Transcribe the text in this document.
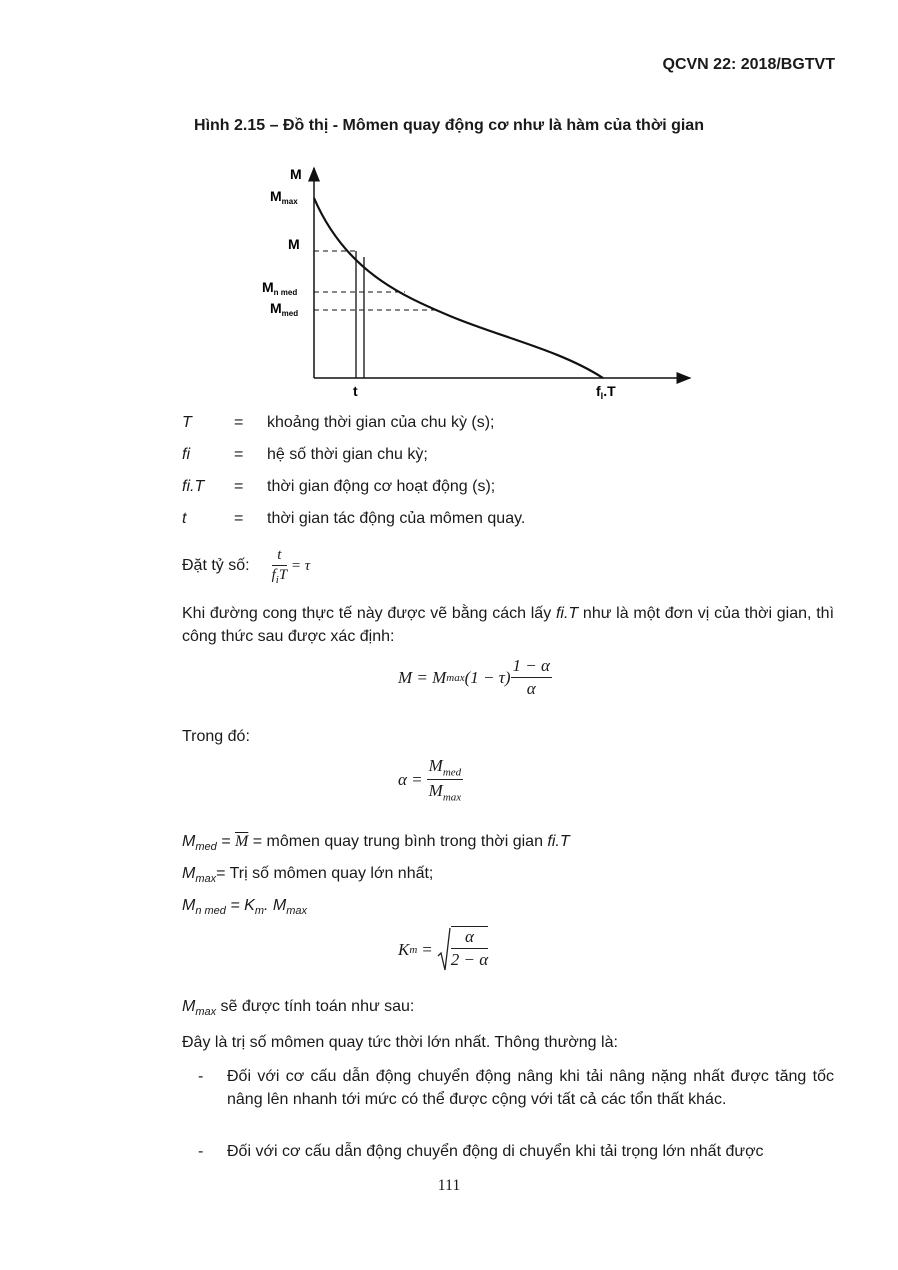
QCVN 22: 2018/BGTVT
Hình 2.15 – Đồ thị - Mômen quay động cơ như là hàm của thời gian
M
$M_{max}$
M
$M_{n med}$
$M_{med}$
t	$f_I.T$
T	= khoảng thời gian của chu kỳ (s);
fi	= hệ số thời gian chu kỳ;
fi.T = thời gian động cơ hoạt động (s);
t	= thời gian tác động của mômen quay.
Đặt tỷ số: $\frac{t}{f_iT} = \tau$
Khi đường cong thực tế này được vẽ bằng cách lấy fi.T như là một đơn vị của thời gian, thì công thức sau được xác định:
M = M $\max (1 - \tau) \frac{1 - \alpha}{\alpha}$
Trong đó:
$\alpha = \frac{M_{med}}{M_{max}}$
$M_{med} = \overline{M}$ = mômen quay trung bình trong thời gian fi.T
$M_{max}=$ Trị số mômen quay lớn nhất;
$M_{n med} = K_m$. $M_{max}$
K $m = \frac{\alpha}{2 - \alpha}$
$M_{max}$ sẽ được tính toán như sau:
Đây là trị số mômen quay tức thời lớn nhất. Thông thường là:
- Đối với cơ cấu dẫn động chuyển động nâng khi tải nâng nặng nhất được tăng tốc nâng lên nhanh tới mức có thể được cộng với tất cả các tổn thất khác.
- Đối với cơ cấu dẫn động chuyển động di chuyển khi tải trọng lớn nhất được
111
